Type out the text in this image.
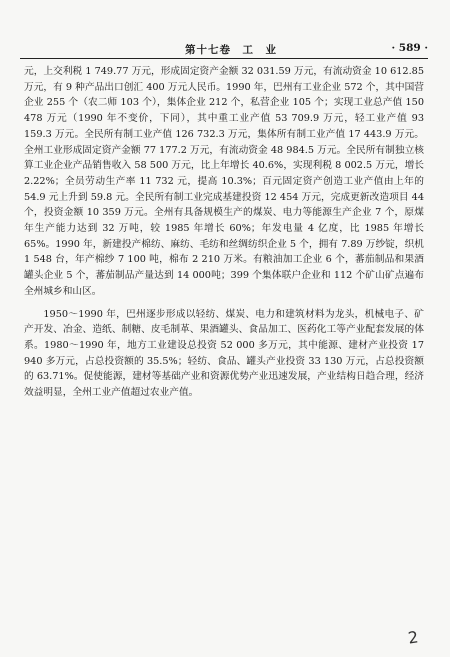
第十七卷　工　业	· 589 ·

元，上交利税 1 749.77 万元，形成固定资产金额 32 031.59 万元，有流动资金 10 612.85 万元，有 9 种产品出口创汇 400 万元人民币。1990 年，巴州有工业企业 572 个，其中国营企业 255 个（农二师 103 个），集体企业 212 个，私营企业 105 个；实现工业总产值 150 478 万元（1990 年不变价，下同），其中重工业产值 53 709.9 万元，轻工业产值 93 159.3 万元。全民所有制工业产值 126 732.3 万元，集体所有制工业产值 17 443.9 万元。全州工业形成固定资产金额 77 177.2 万元，有流动资金 48 984.5 万元。全民所有制独立核算工业企业产品销售收入 58 500 万元，比上年增长 40.6%，实现利税 8 002.5 万元，增长 2.22%；全员劳动生产率 11 732 元，提高 10.3%；百元固定资产创造工业产值由上年的 54.9 元上升到 59.8 元。全民所有制工业完成基建投资 12 454 万元，完成更新改造项目 44 个，投资金额 10 359 万元。全州有具备规模生产的煤炭、电力等能源生产企业 7 个，原煤年生产能力达到 32 万吨，较 1985 年增长 60%；年发电量 4 亿度，比 1985 年增长 65%。1990 年，新建投产棉纺、麻纺、毛纺和丝绸纺织企业 5 个，拥有 7.89 万纱锭，织机 1 548 台，年产棉纱 7 100 吨，棉布 2 210 万米。有粮油加工企业 6 个，蕃茄制品和果酒罐头企业 5 个，蕃茄制品产量达到 14 000吨；399 个集体联户企业和 112 个矿山矿点遍布全州城乡和山区。

1950～1990 年，巴州逐步形成以轻纺、煤炭、电力和建筑材料为龙头，机械电子、矿产开发、冶金、造纸、制糖、皮毛制革、果酒罐头、食品加工、医药化工等产业配套发展的体系。1980～1990 年，地方工业建设总投资 52 000 多万元，其中能源、建材产业投资 17 940 多万元，占总投资额的 35.5%；轻纺、食品、罐头产业投资 33 130 万元，占总投资额的 63.71%。促使能源，建材等基础产业和资源优势产业迅速发展，产业结构日趋合理，经济效益明显，全州工业产值超过农业产值。

2
